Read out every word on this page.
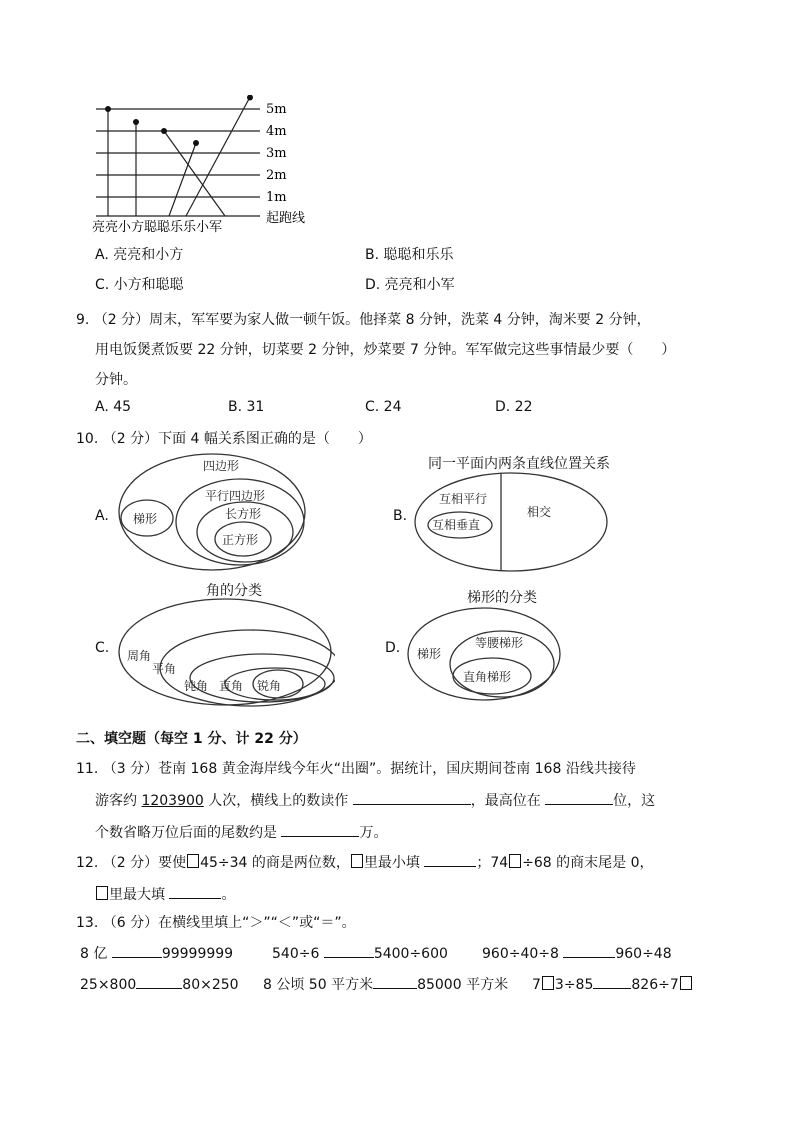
5m
4m
3m
2m
1m
起跑线
亮亮小方聪聪乐乐小军
A. 亮亮和小方	B. 聪聪和乐乐
C. 小方和聪聪	D. 亮亮和小军
9. （2 分）周末，军军要为家人做一顿午饭。他择菜 8 分钟，洗菜 4 分钟，淘米要 2 分钟，
用电饭煲煮饭要 22 分钟，切菜要 2 分钟，炒菜要 7 分钟。军军做完这些事情最少要（　　）
分钟。
A. 45	B. 31	C. 24	D. 22
10. （2 分）下面 4 幅关系图正确的是（　　）
A.
四边形
平行四边形
长方形
正方形
梯形	B.
同一平面内两条直线位置关系
互相平行
互相垂直
相交
角的分类
C. 周角
平角
钝角 直角 锐角
梯形的分类
D. 梯形
等腰梯形
直角梯形
二、填空题（每空 1 分、计 22 分）
11. （3 分）苍南 168 黄金海岸线今年火“出圈”。据统计，国庆期间苍南 168 沿线共接待
游客约 1203900 人次，横线上的数读作	，最高位在	位，这
个数省略万位后面的尾数约是	万。
12. （2 分）要使 45÷34 的商是两位数， 里最小填	；74 ÷68 的商末尾是 0，
里最大填	。
13. （6 分）在横线里填上“＞”“＜”或“＝”。
8 亿	99999999	540÷6	5400÷600 960÷40÷8	960÷48
25×800	80×250 8 公顷 50 平方米	85000 平方米 7 3÷85	826÷7
